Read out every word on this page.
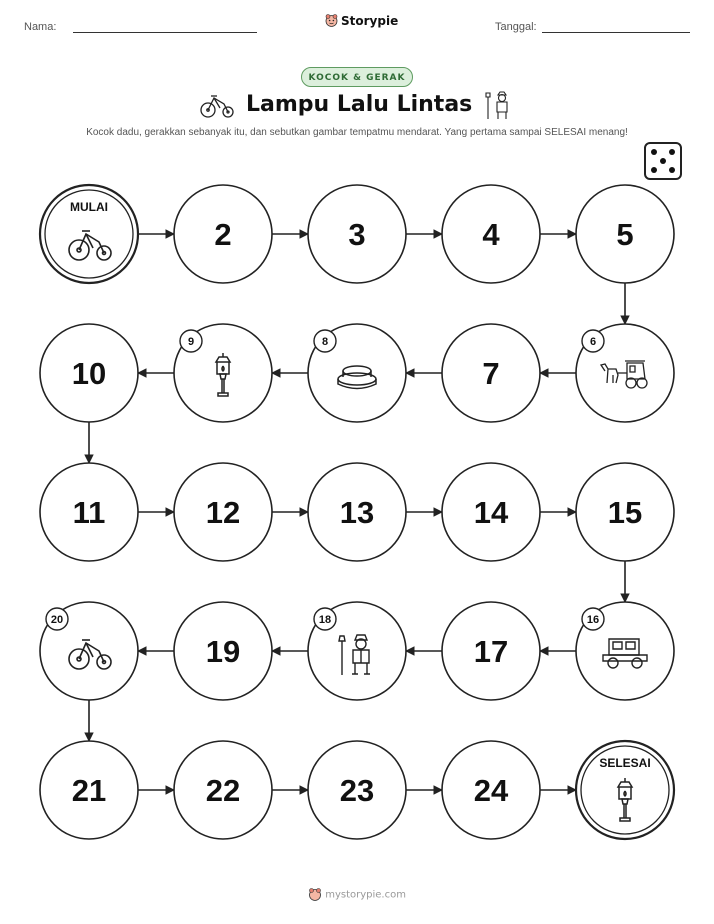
Nama:	Storypie	Tanggal:
KOCOK & GERAK
Lampu Lalu Lintas
Kocok dadu, gerakkan sebanyak itu, dan sebutkan gambar tempatmu mendarat. Yang pertama sampai SELESAI menang!
MULAI
2	3	4	5
6
7
8
9
10
11	12	13	14	15
16
17
18
19
20
21	22	23	24
SELESAI
mystorypie.com
